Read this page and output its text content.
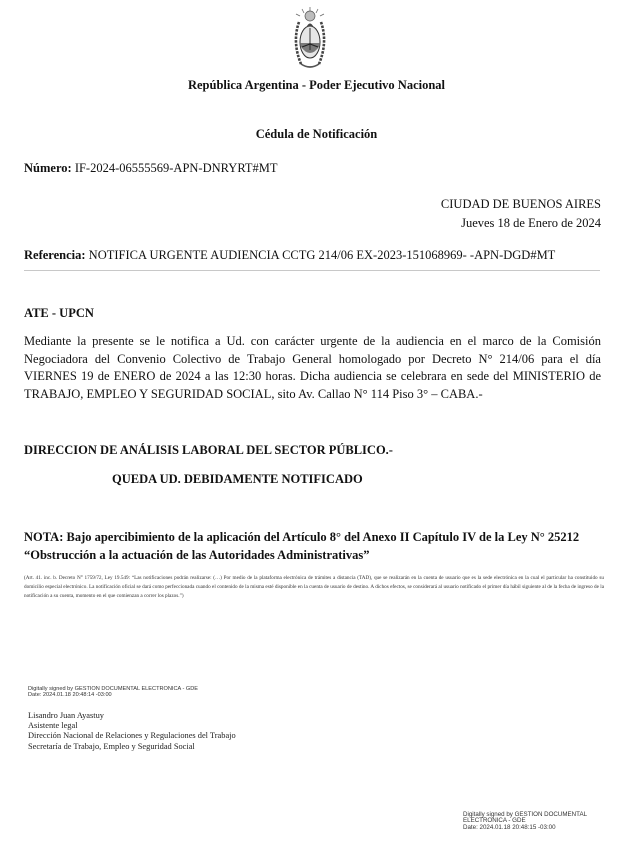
República Argentina - Poder Ejecutivo Nacional
Cédula de Notificación
Número: IF-2024-06555569-APN-DNRYRT#MT
CIUDAD DE BUENOS AIRES
Jueves 18 de Enero de 2024
Referencia: NOTIFICA URGENTE AUDIENCIA CCTG 214/06 EX-2023-151068969- -APN-DGD#MT
ATE - UPCN
Mediante la presente se le notifica a Ud. con carácter urgente de la audiencia en el marco de la Comisión Negociadora del Convenio Colectivo de Trabajo General homologado por Decreto N° 214/06 para el día VIERNES 19 de ENERO de 2024 a las 12:30 horas. Dicha audiencia se celebrara en sede del MINISTERIO de TRABAJO, EMPLEO Y SEGURIDAD SOCIAL, sito Av. Callao N° 114 Piso 3° – CABA.-
DIRECCION DE ANÁLISIS LABORAL DEL SECTOR PÚBLICO.-
QUEDA UD. DEBIDAMENTE NOTIFICADO
NOTA: Bajo apercibimiento de la aplicación del Artículo 8° del Anexo II Capítulo IV de la Ley N° 25212
“Obstrucción a la actuación de las Autoridades Administrativas”
(Art. 41. inc. b. Decreto N° 1759/72, Ley 19.549: “Las notificaciones podrán realizarse: (…) Por medio de la plataforma electrónica de trámites a distancia (TAD), que se realizarán en la cuenta de usuario que es la sede electrónica en la cual el particular ha constituido su domicilio especial electrónico. La notificación oficial se dará como perfeccionada cuando el contenido de la misma esté disponible en la cuenta de usuario de destino. A dichos efectos, se considerará al usuario notificado el primer día hábil siguiente al de la fecha de ingreso de la notificación a su cuenta, momento en el que comienzan a correr los plazos.”)
Digitally signed by GESTION DOCUMENTAL ELECTRONICA - GDE
Date: 2024.01.18 20:48:14 -03:00
Lisandro Juan Ayastuy
Asistente legal
Dirección Nacional de Relaciones y Regulaciones del Trabajo
Secretaría de Trabajo, Empleo y Seguridad Social
Digitally signed by GESTION DOCUMENTAL
ELECTRONICA - GDE
Date: 2024.01.18 20:48:15 -03:00
